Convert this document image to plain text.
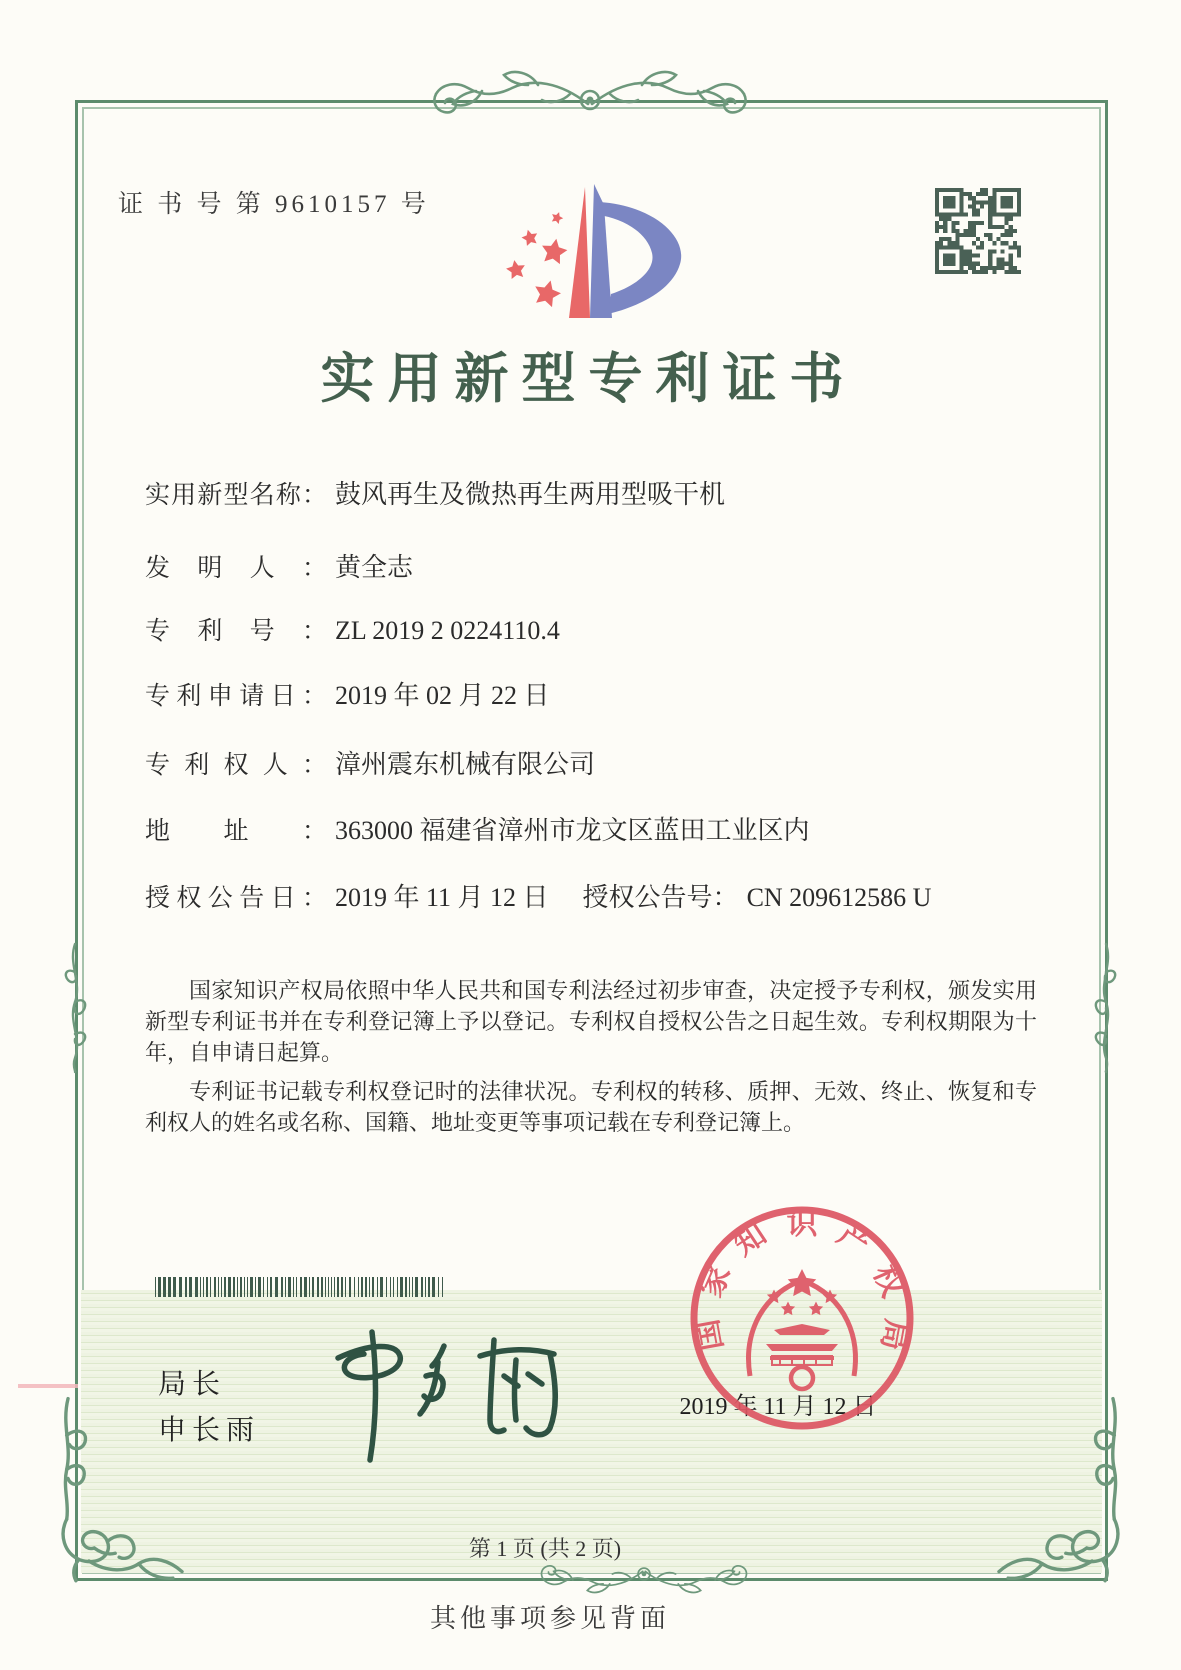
证 书 号 第 9610157 号
实用新型专利证书
实用新型名称： 鼓风再生及微热再生两用型吸干机
发明人： 黄全志
专利号： ZL 2019 2 0224110.4
专利申请日： 2019 年 02 月 22 日
专利权人： 漳州震东机械有限公司
地址： 363000 福建省漳州市龙文区蓝田工业区内
授权公告日： 2019 年 11 月 12 日 授权公告号： CN 209612586 U

国家知识产权局依照中华人民共和国专利法经过初步审查，决定授予专利权，颁发实用新型专利证书并在专利登记簿上予以登记。专利权自授权公告之日起生效。专利权期限为十年，自申请日起算。

专利证书记载专利权登记时的法律状况。专利权的转移、质押、无效、终止、恢复和专利权人的姓名或名称、国籍、地址变更等事项记载在专利登记簿上。

局长
申长雨
2019 年 11 月 12 日
国家知识产权局
第 1 页 (共 2 页)
其他事项参见背面
